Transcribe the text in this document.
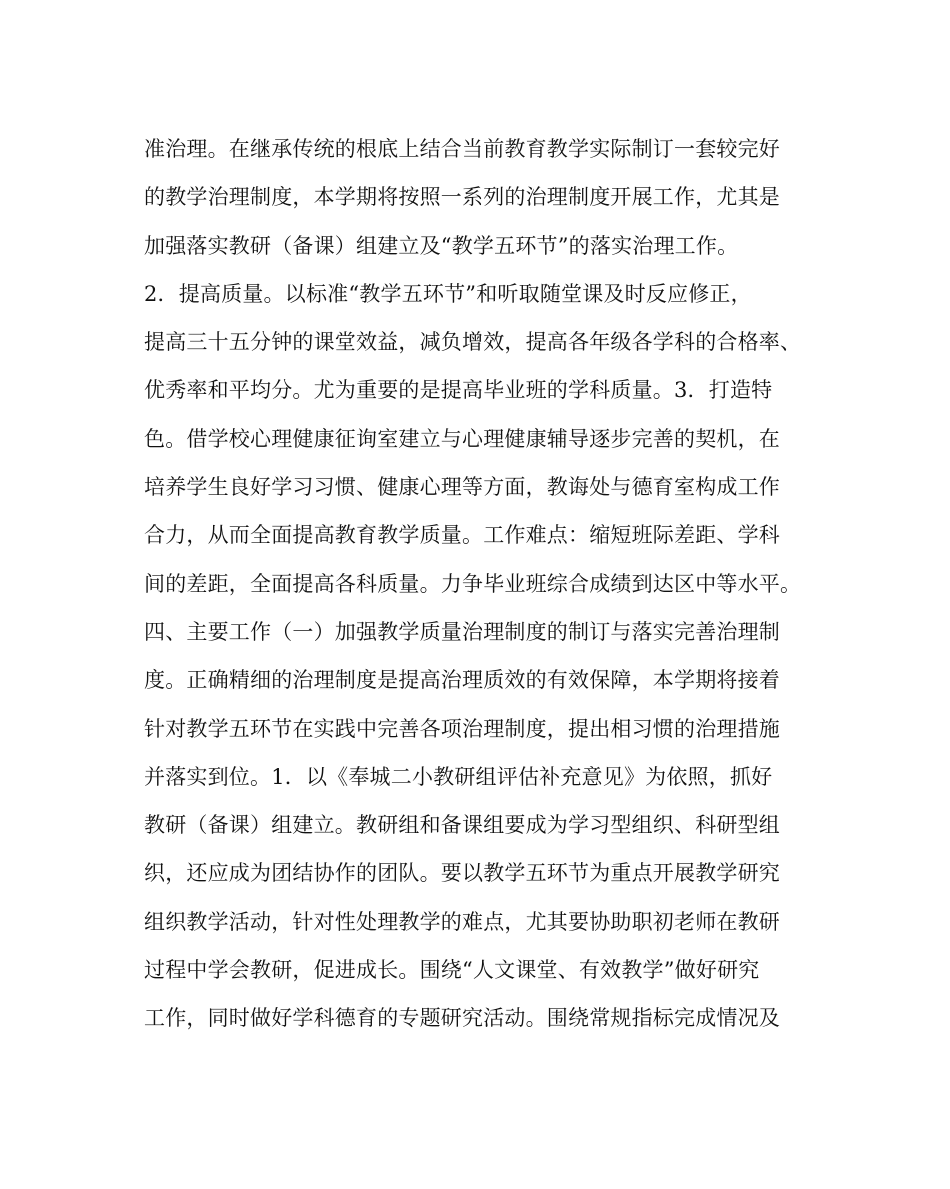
准治理。在继承传统的根底上结合当前教育教学实际制订一套较完好
的教学治理制度，本学期将按照一系列的治理制度开展工作，尤其是
加强落实教研（备课）组建立及“教学五环节”的落实治理工作。
2．提高质量。以标准“教学五环节”和听取随堂课及时反应修正，
提高三十五分钟的课堂效益，减负增效，提高各年级各学科的合格率、
优秀率和平均分。尤为重要的是提高毕业班的学科质量。3．打造特
色。借学校心理健康征询室建立与心理健康辅导逐步完善的契机，在
培养学生良好学习习惯、健康心理等方面，教诲处与德育室构成工作
合力，从而全面提高教育教学质量。工作难点：缩短班际差距、学科
间的差距，全面提高各科质量。力争毕业班综合成绩到达区中等水平。
四、主要工作（一）加强教学质量治理制度的制订与落实完善治理制
度。正确精细的治理制度是提高治理质效的有效保障，本学期将接着
针对教学五环节在实践中完善各项治理制度，提出相习惯的治理措施
并落实到位。1．以《奉城二小教研组评估补充意见》为依照，抓好
教研（备课）组建立。教研组和备课组要成为学习型组织、科研型组
织，还应成为团结协作的团队。要以教学五环节为重点开展教学研究
组织教学活动，针对性处理教学的难点，尤其要协助职初老师在教研
过程中学会教研，促进成长。围绕“人文课堂、有效教学”做好研究
工作，同时做好学科德育的专题研究活动。围绕常规指标完成情况及
